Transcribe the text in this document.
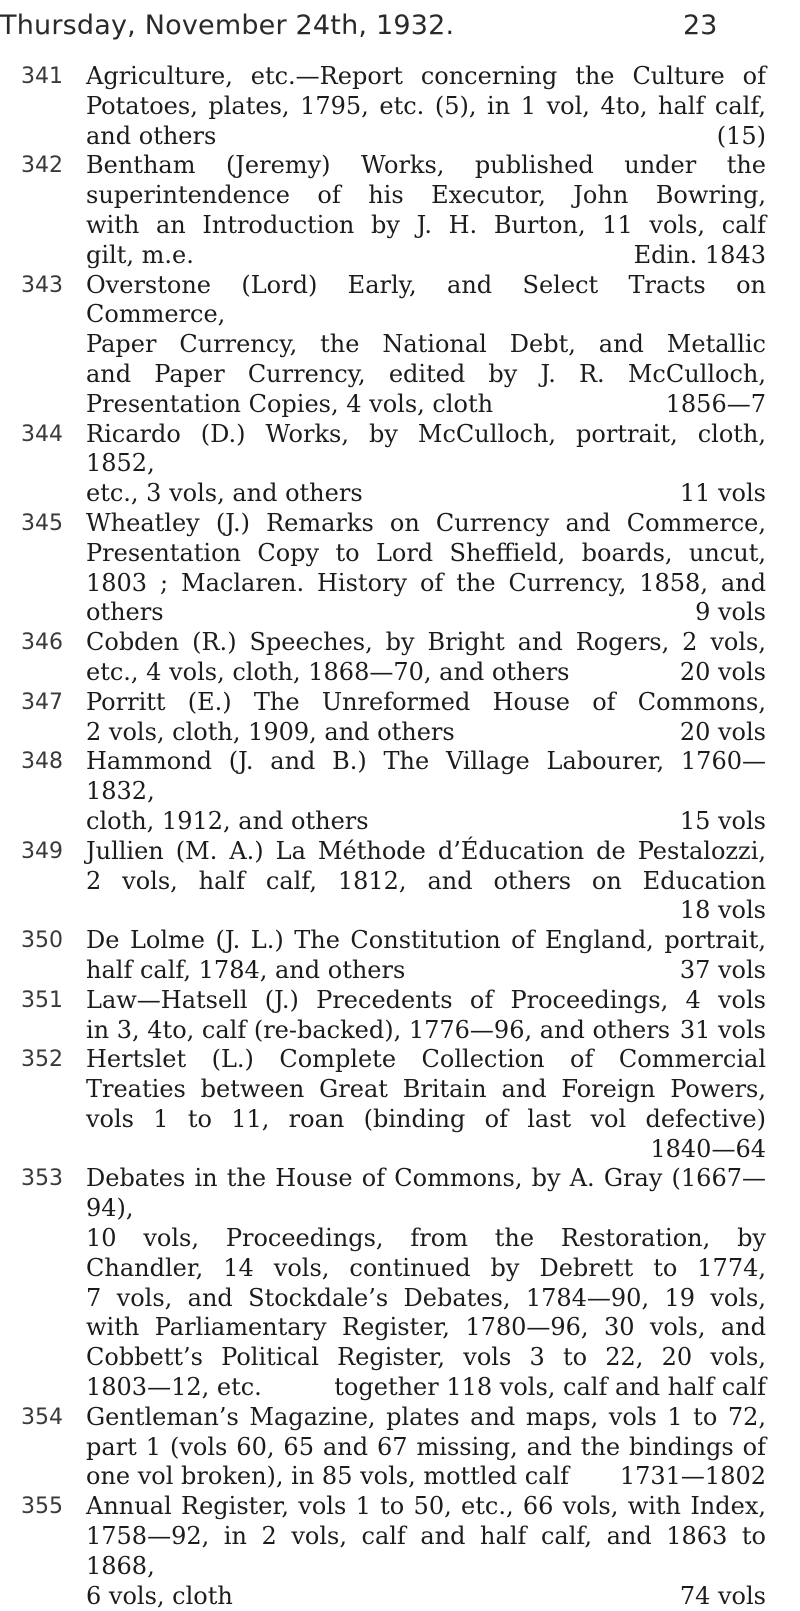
Thursday, November 24th, 1932.	23
341 Agriculture, etc.—Report concerning the Culture of
Potatoes, plates, 1795, etc. (5), in 1 vol, 4to, half calf,
and others	(15)
342 Bentham (Jeremy) Works, published under the
superintendence of his Executor, John Bowring,
with an Introduction by J. H. Burton, 11 vols, calf
gilt, m.e.	Edin. 1843
343 Overstone (Lord) Early, and Select Tracts on Commerce,
Paper Currency, the National Debt, and Metallic
and Paper Currency, edited by J. R. McCulloch,
Presentation Copies, 4 vols, cloth	1856—7
344 Ricardo (D.) Works, by McCulloch, portrait, cloth, 1852,
etc., 3 vols, and others	11 vols
345 Wheatley (J.) Remarks on Currency and Commerce,
Presentation Copy to Lord Sheffield, boards, uncut,
1803 ; Maclaren. History of the Currency, 1858, and
others	9 vols
346 Cobden (R.) Speeches, by Bright and Rogers, 2 vols,
etc., 4 vols, cloth, 1868—70, and others	20 vols
347 Porritt (E.) The Unreformed House of Commons,
2 vols, cloth, 1909, and others	20 vols
348 Hammond (J. and B.) The Village Labourer, 1760—1832,
cloth, 1912, and others	15 vols
349 Jullien (M. A.) La Méthode d’Éducation de Pestalozzi,
2 vols, half calf, 1812, and others on Education
18 vols
350 De Lolme (J. L.) The Constitution of England, portrait,
half calf, 1784, and others	37 vols
351 Law—Hatsell (J.) Precedents of Proceedings, 4 vols
in 3, 4to, calf (re-backed), 1776—96, and others 31 vols
352 Hertslet (L.) Complete Collection of Commercial
Treaties between Great Britain and Foreign Powers,
vols 1 to 11, roan (binding of last vol defective)
1840—64
353 Debates in the House of Commons, by A. Gray (1667—94),
10 vols, Proceedings, from the Restoration, by
Chandler, 14 vols, continued by Debrett to 1774,
7 vols, and Stockdale’s Debates, 1784—90, 19 vols,
with Parliamentary Register, 1780—96, 30 vols, and
Cobbett’s Political Register, vols 3 to 22, 20 vols,
1803—12, etc.	together 118 vols, calf and half calf
354 Gentleman’s Magazine, plates and maps, vols 1 to 72,
part 1 (vols 60, 65 and 67 missing, and the bindings of
one vol broken), in 85 vols, mottled calf 1731—1802
355 Annual Register, vols 1 to 50, etc., 66 vols, with Index,
1758—92, in 2 vols, calf and half calf, and 1863 to 1868,
6 vols, cloth	74 vols
